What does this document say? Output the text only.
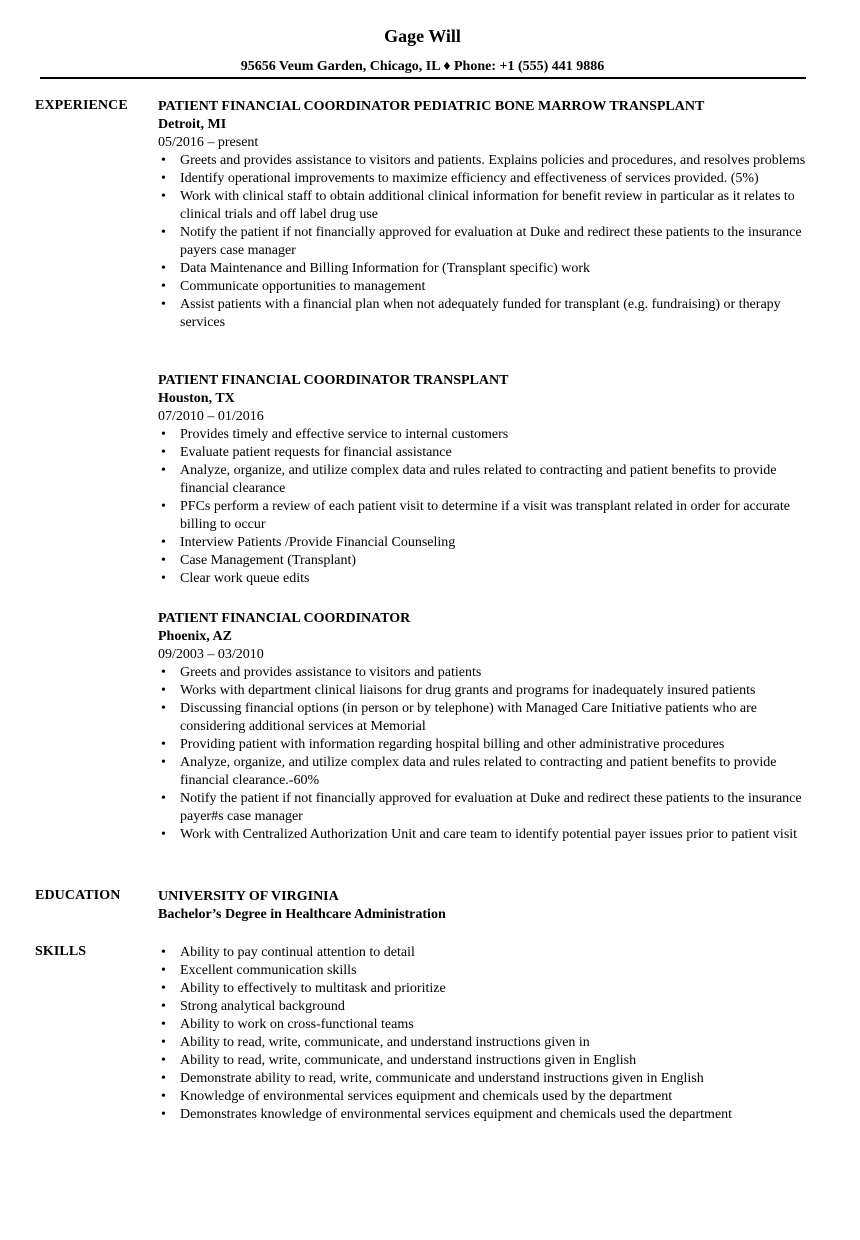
Gage Will
95656 Veum Garden, Chicago, IL ♦ Phone: +1 (555) 441 9886
EXPERIENCE PATIENT FINANCIAL COORDINATOR PEDIATRIC BONE MARROW TRANSPLANT

Detroit, MI

05/2016 – present

• Greets and provides assistance to visitors and patients. Explains policies and procedures, and resolves problems
• Identify operational improvements to maximize efficiency and effectiveness of services provided. (5%)
• Work with clinical staff to obtain additional clinical information for benefit review in particular as it relates to clinical trials and off label drug use
• Notify the patient if not financially approved for evaluation at Duke and redirect these patients to the insurance payers case manager
• Data Maintenance and Billing Information for (Transplant specific) work
• Communicate opportunities to management
• Assist patients with a financial plan when not adequately funded for transplant (e.g. fundraising) or therapy services

PATIENT FINANCIAL COORDINATOR TRANSPLANT

Houston, TX

07/2010 – 01/2016

• Provides timely and effective service to internal customers
• Evaluate patient requests for financial assistance
• Analyze, organize, and utilize complex data and rules related to contracting and patient benefits to provide financial clearance
• PFCs perform a review of each patient visit to determine if a visit was transplant related in order for accurate billing to occur
• Interview Patients /Provide Financial Counseling
• Case Management (Transplant)
• Clear work queue edits

PATIENT FINANCIAL COORDINATOR

Phoenix, AZ

09/2003 – 03/2010

• Greets and provides assistance to visitors and patients
• Works with department clinical liaisons for drug grants and programs for inadequately insured patients
• Discussing financial options (in person or by telephone) with Managed Care Initiative patients who are considering additional services at Memorial
• Providing patient with information regarding hospital billing and other administrative procedures
• Analyze, organize, and utilize complex data and rules related to contracting and patient benefits to provide financial clearance.-60%
• Notify the patient if not financially approved for evaluation at Duke and redirect these patients to the insurance payer#s case manager
• Work with Centralized Authorization Unit and care team to identify potential payer issues prior to patient visit
EDUCATION	UNIVERSITY OF VIRGINIA

Bachelor’s Degree in Healthcare Administration

SKILLS
•	Ability to pay continual attention to detail
• Excellent communication skills
• Ability to effectively to multitask and prioritize
• Strong analytical background
• Ability to work on cross-functional teams
• Ability to read, write, communicate, and understand instructions given in
• Ability to read, write, communicate, and understand instructions given in English
• Demonstrate ability to read, write, communicate and understand instructions given in English
• Knowledge of environmental services equipment and chemicals used by the department
• Demonstrates knowledge of environmental services equipment and chemicals used the department
